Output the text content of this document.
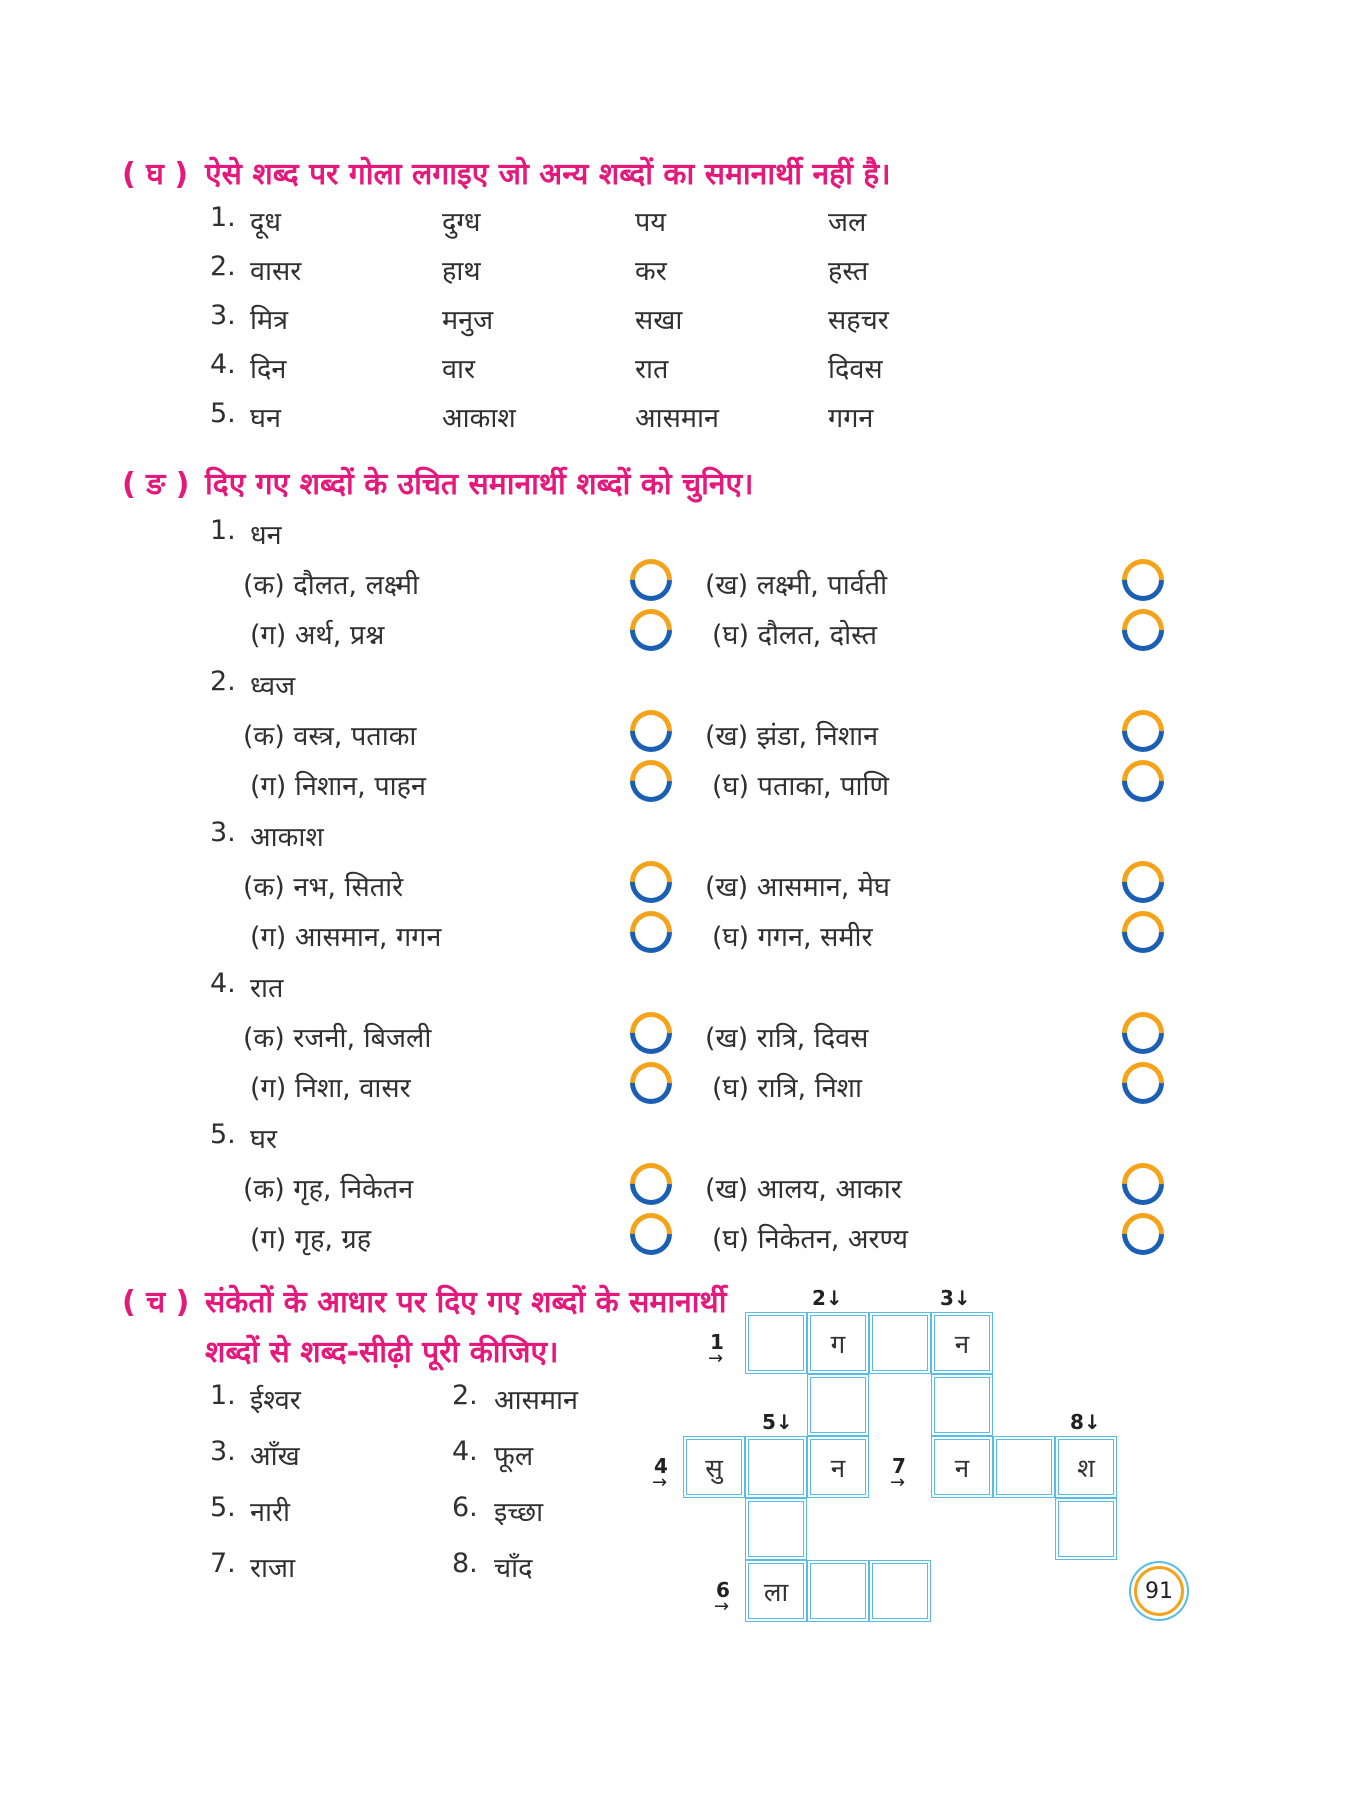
( घ ) ऐसे शब्द पर गोला लगाइए जो अन्य शब्दों का समानार्थी नहीं है।
1. दूध	दुग्ध	पय	जल
2. वासर	हाथ	कर	हस्त
3. मित्र	मनुज	सखा	सहचर
4. दिन	वार	रात	दिवस
5. घन	आकाश	आसमान	गगन
( ङ ) दिए गए शब्दों के उचित समानार्थी शब्दों को चुनिए।
1. धन
(क) दौलत, लक्ष्मी	(ख) लक्ष्मी, पार्वती
(ग) अर्थ, प्रश्न	(घ) दौलत, दोस्त
2. ध्वज
(क) वस्त्र, पताका	(ख) झंडा, निशान
(ग) निशान, पाहन	(घ) पताका, पाणि
3. आकाश
(क) नभ, सितारे	(ख) आसमान, मेघ
(ग) आसमान, गगन	(घ) गगन, समीर
4. रात
(क) रजनी, बिजली	(ख) रात्रि, दिवस
(ग) निशा, वासर	(घ) रात्रि, निशा
5. घर
(क) गृह, निकेतन	(ख) आलय, आकार
(ग) गृह, ग्रह	(घ) निकेतन, अरण्य
( च ) संकेतों के आधार पर दिए गए शब्दों के समानार्थी
शब्दों से शब्द-सीढ़ी पूरी कीजिए।
1. ईश्वर	2. आसमान
3. आँख	4. फूल
5. नारी	6. इच्छा
7. राजा	8. चाँद
ग	न
सु	न	न	श
ला
2↓	3↓
1
→
5↓	8↓
4
→
7
→
6
→
91
